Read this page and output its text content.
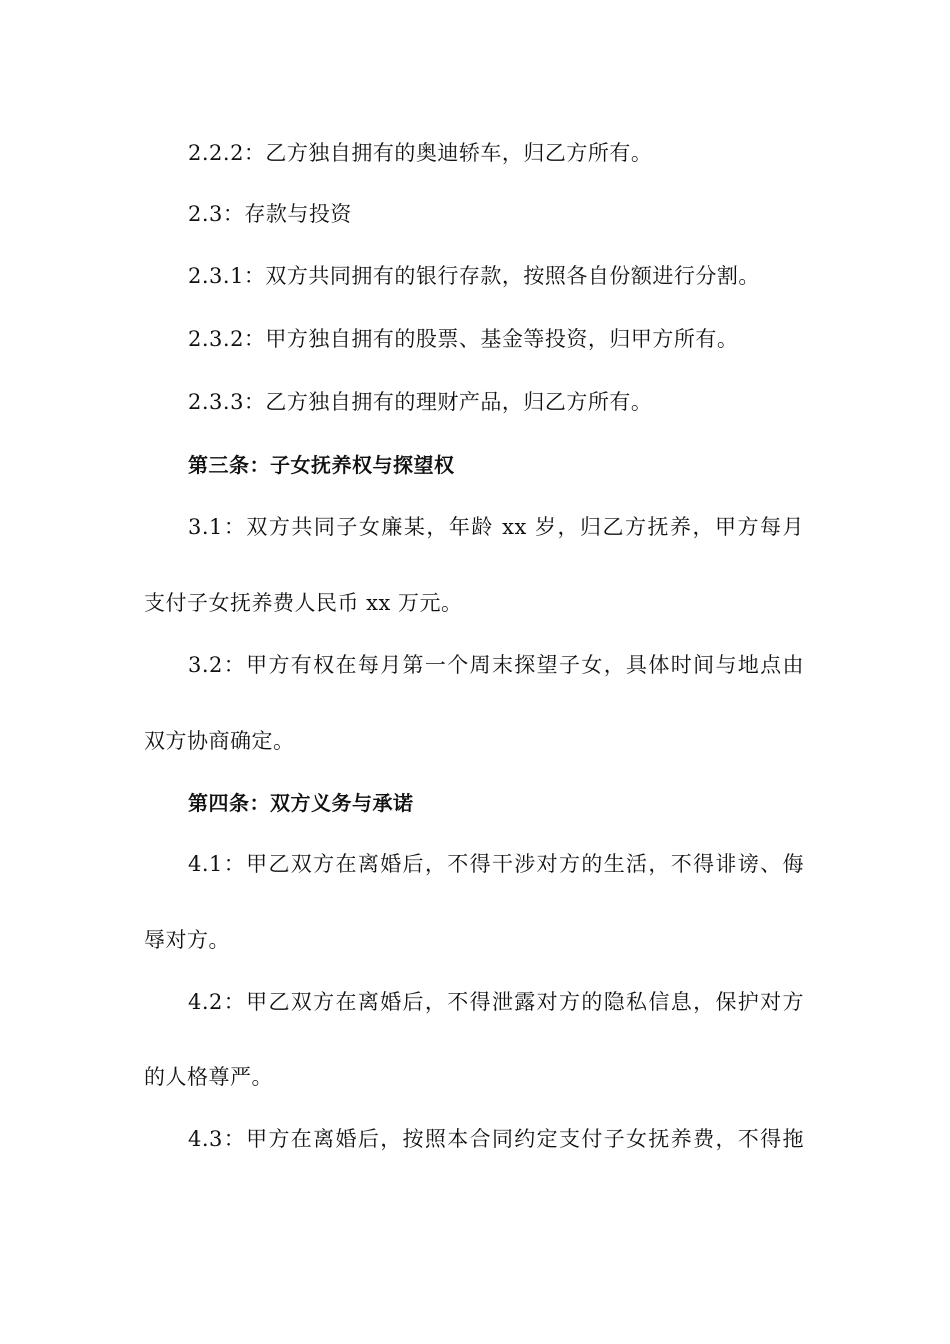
2.2.2：乙方独自拥有的奥迪轿车，归乙方所有。
2.3：存款与投资
2.3.1：双方共同拥有的银行存款，按照各自份额进行分割。
2.3.2：甲方独自拥有的股票、基金等投资，归甲方所有。
2.3.3：乙方独自拥有的理财产品，归乙方所有。
第三条：子女抚养权与探望权
3.1：双方共同子女廉某，年龄 xx 岁，归乙方抚养，甲方每月
支付子女抚养费人民币 xx 万元。
3.2：甲方有权在每月第一个周末探望子女，具体时间与地点由
双方协商确定。
第四条：双方义务与承诺
4.1：甲乙双方在离婚后，不得干涉对方的生活，不得诽谤、侮
辱对方。
4.2：甲乙双方在离婚后，不得泄露对方的隐私信息，保护对方
的人格尊严。
4.3：甲方在离婚后，按照本合同约定支付子女抚养费，不得拖
